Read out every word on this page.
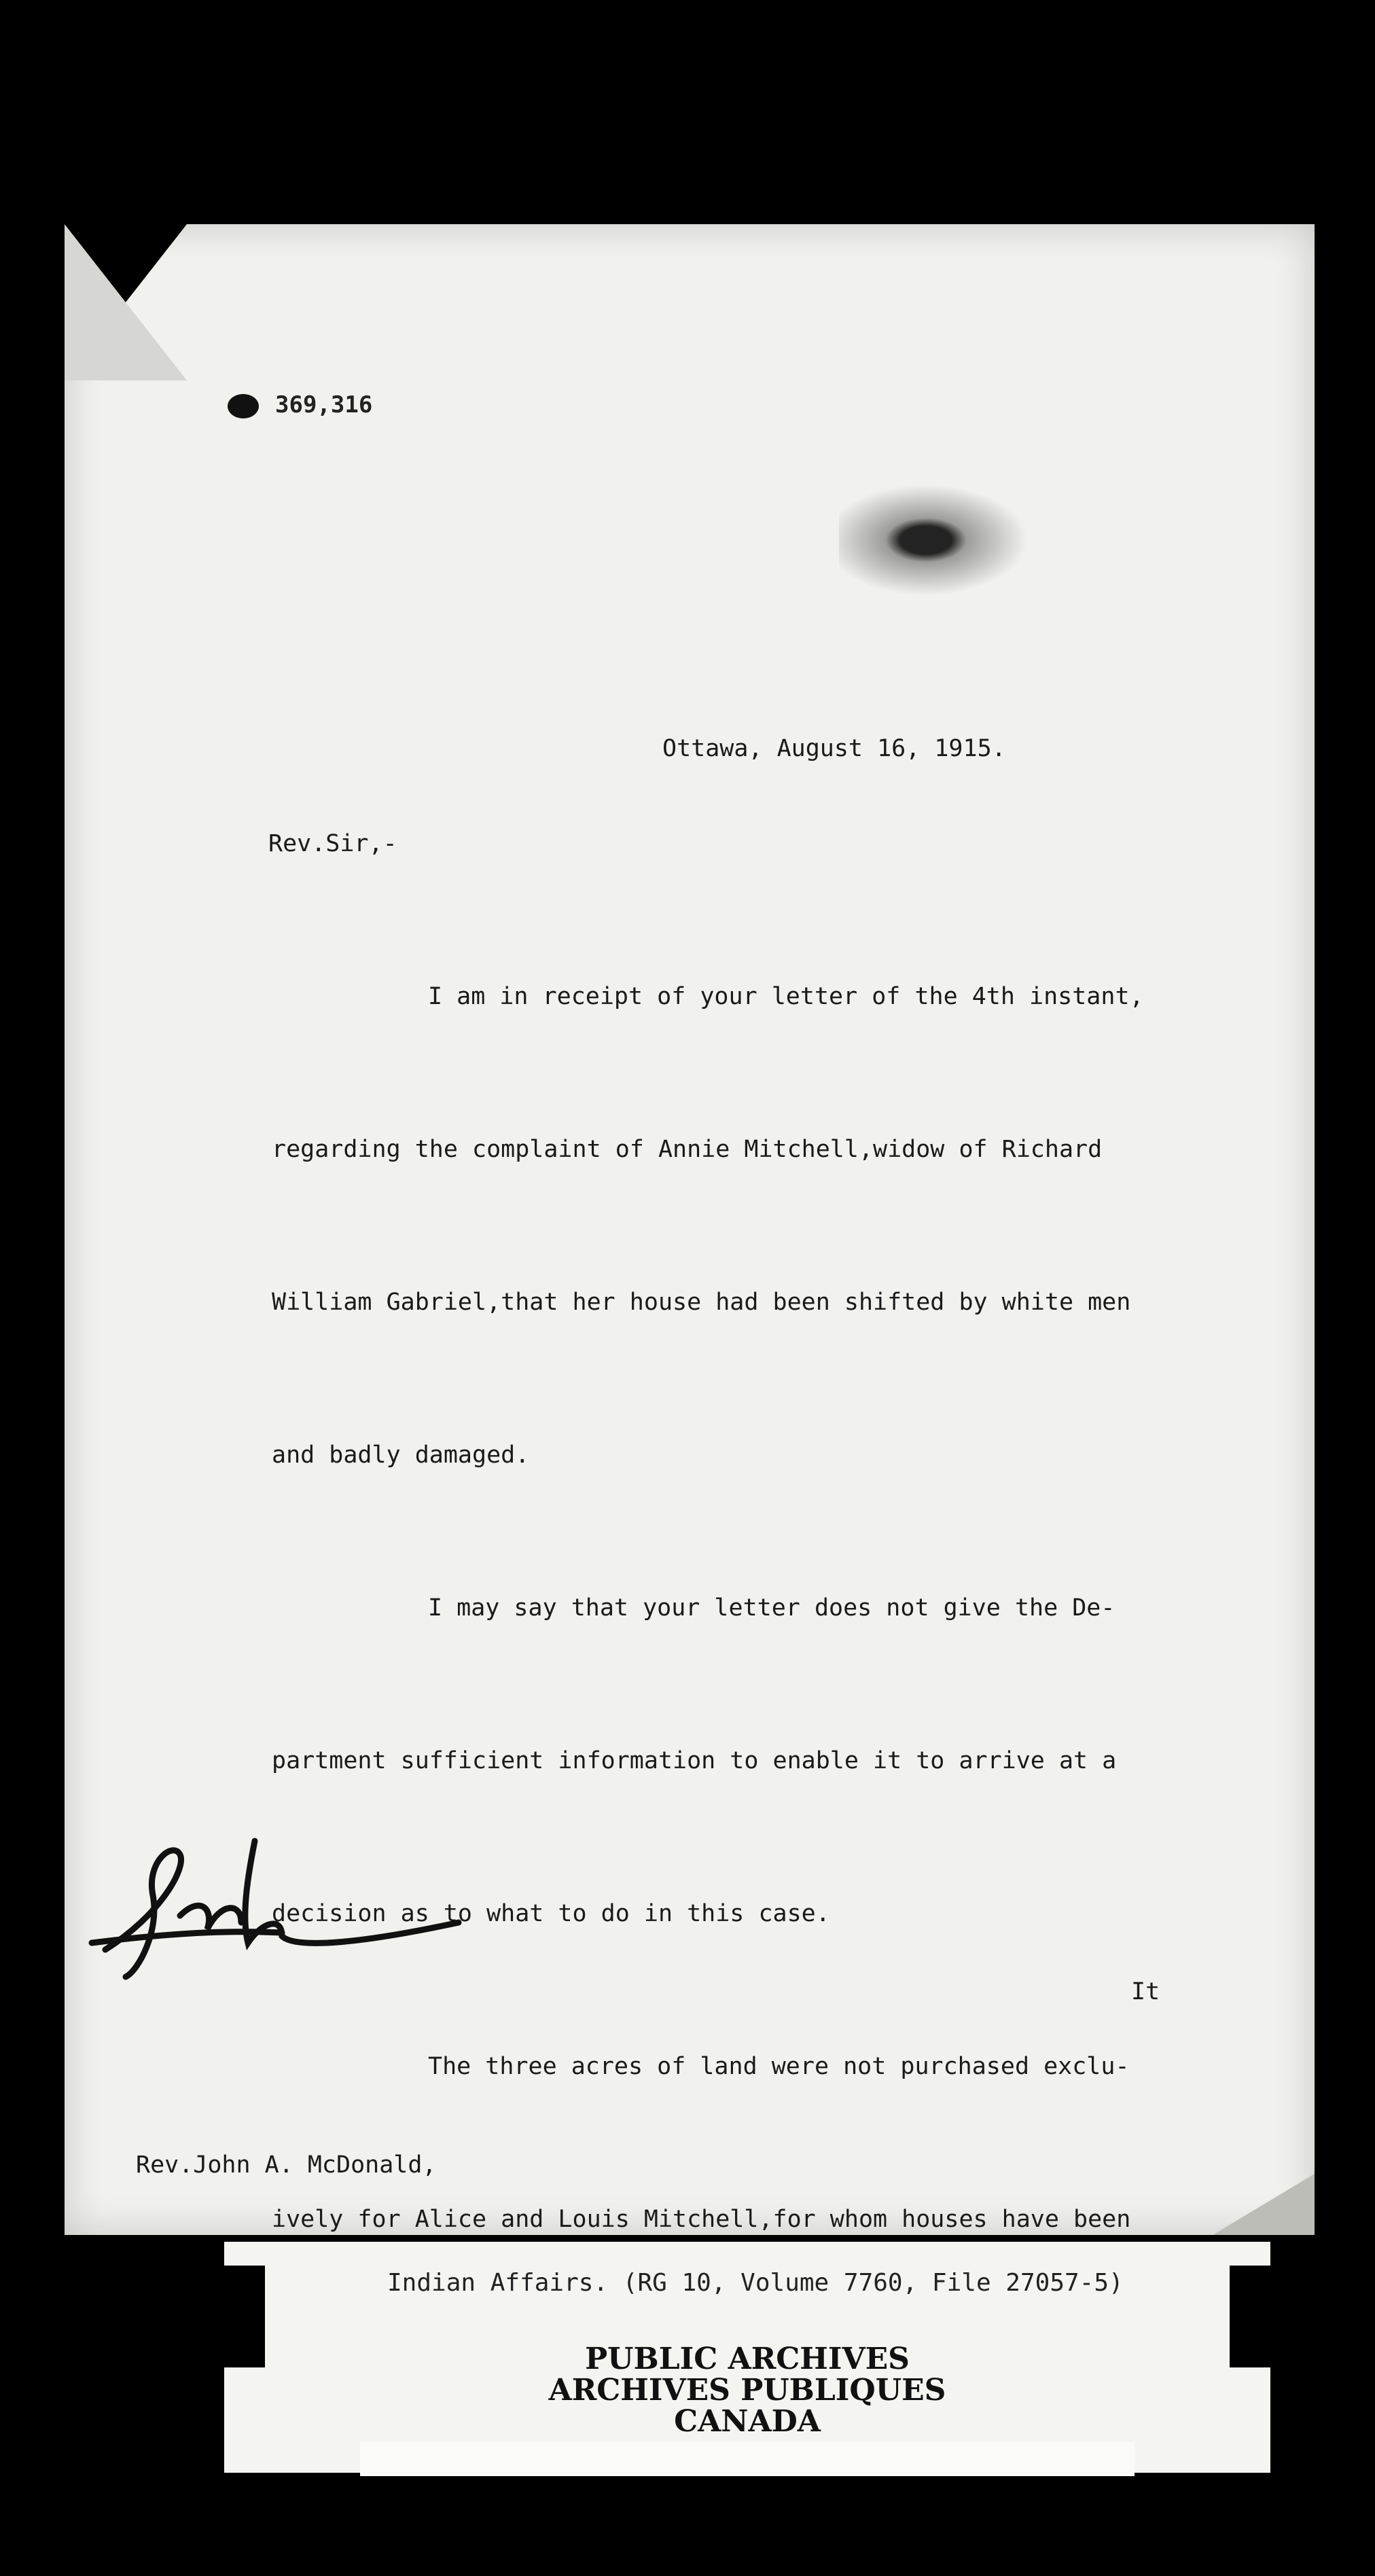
369,316
Ottawa, August 16, 1915.
Rev.Sir,-

I am in receipt of your letter of the 4th instant,

regarding the complaint of Annie Mitchell,widow of Richard

William Gabriel,that her house had been shifted by white men

and badly damaged.

I may say that your letter does not give the De-

partment sufficient information to enable it to arrive at a

decision as to what to do in this case.

The three acres of land were not purchased exclu-

ively for Alice and Louis Mitchell,for whom houses have been

It

Rev.John A. McDonald,

Indian Affairs. (RG 10, Volume 7760, File 27057-5)
PUBLIC ARCHIVES
ARCHIVES PUBLIQUES
CANADA
